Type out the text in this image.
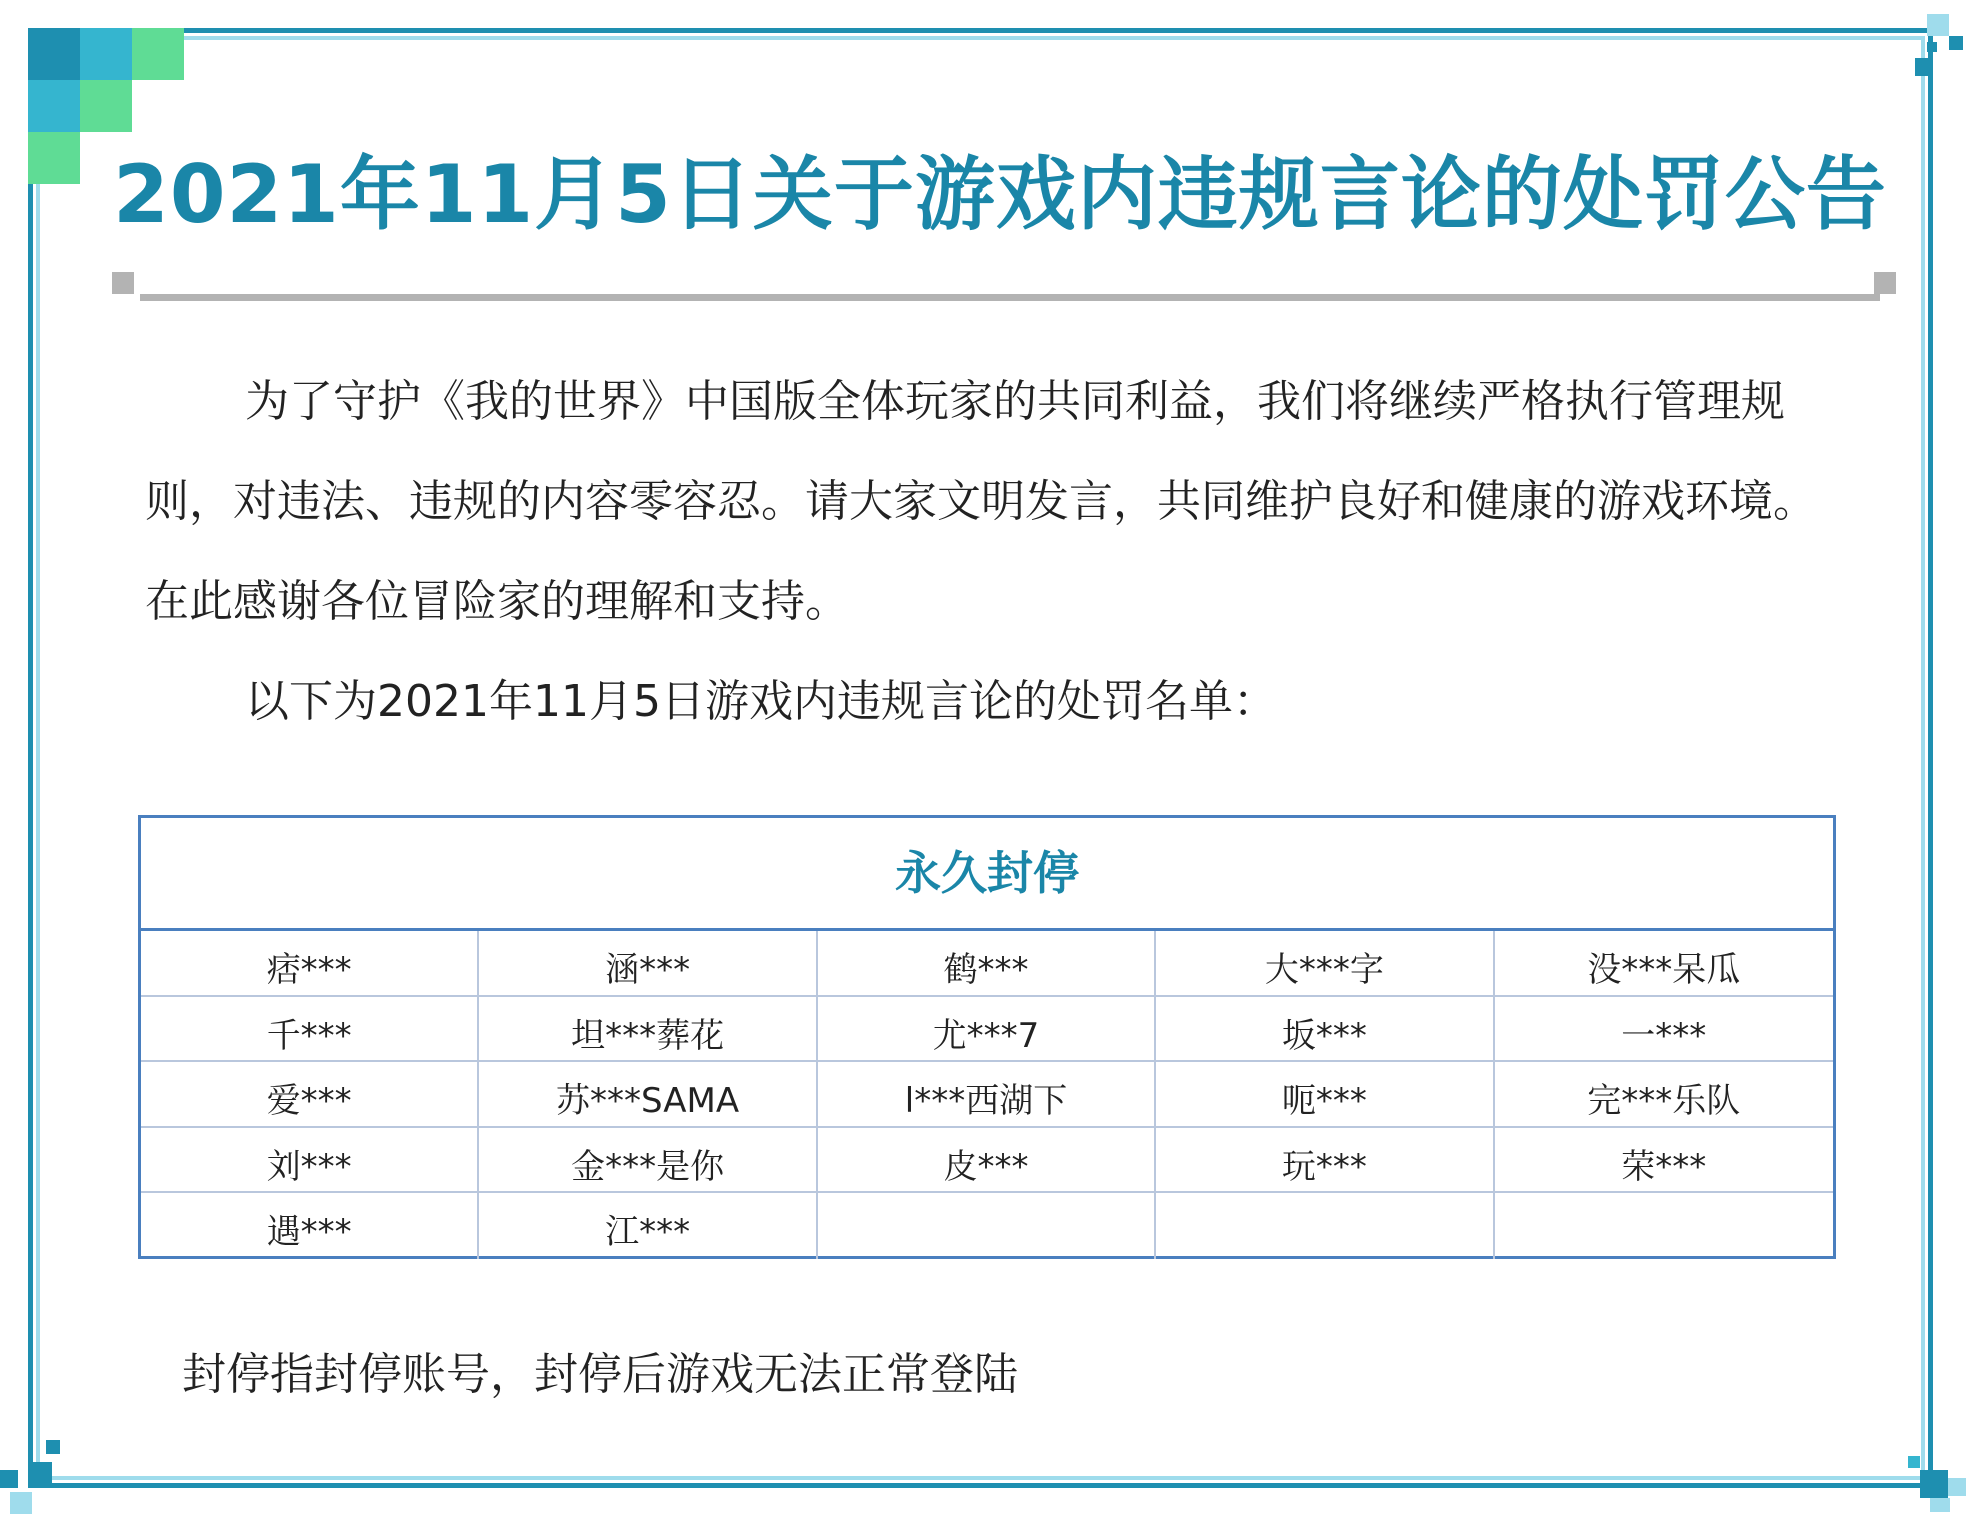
2021年11月5日关于游戏内违规言论的处罚公告
为了守护《我的世界》中国版全体玩家的共同利益，我们将继续严格执行管理规则，对违法、违规的内容零容忍。请大家文明发言，共同维护良好和健康的游戏环境。在此感谢各位冒险家的理解和支持。
以下为2021年11月5日游戏内违规言论的处罚名单：
永久封停
痞***	涵***	鹤***	大***字	没***呆瓜
千***	坦***葬花	尤***7	坂***	一***
爱***	苏***SAMA	l***西湖下	呃***	完***乐队
刘***	金***是你	皮***	玩***	荣***
遇***	江***
封停指封停账号，封停后游戏无法正常登陆
